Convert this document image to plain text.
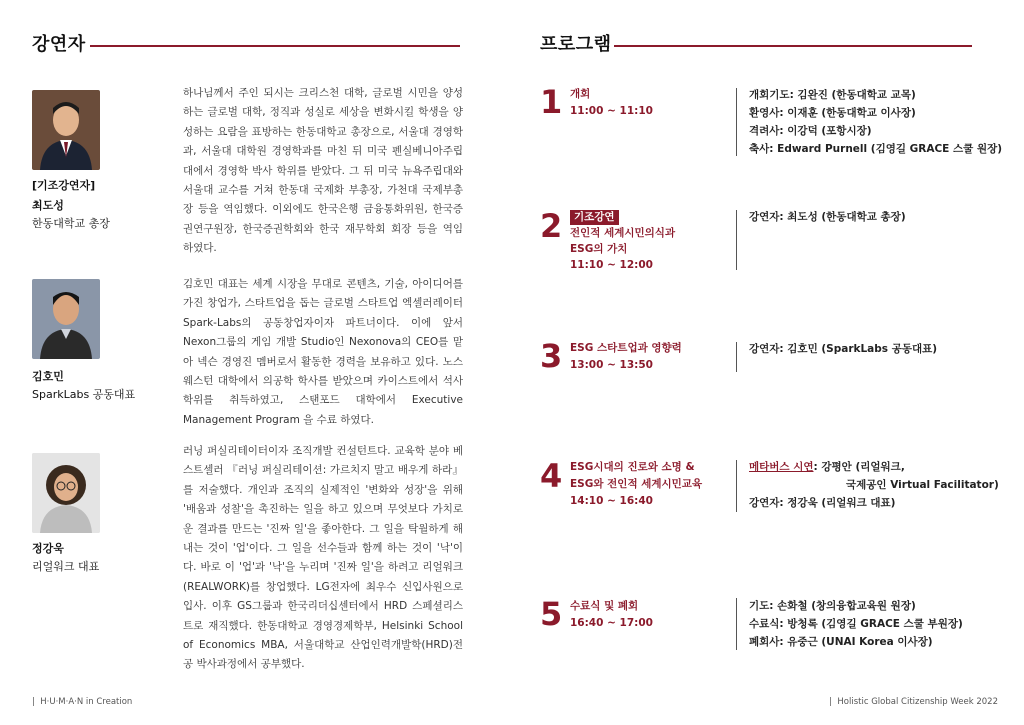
강연자
[기조강연자]
최도성
한동대학교 총장

하나님께서 주인 되시는 크리스천 대학, 글로벌 시민을 양성하는 글로벌 대학, 정직과 성실로 세상을 변화시킬 학생을 양성하는 요람을 표방하는 한동대학교 총장으로, 서울대 경영학과, 서울대 대학원 경영학과를 마친 뒤 미국 펜실베니아주립대에서 경영학 박사 학위를 받았다. 그 뒤 미국 뉴욕주립대와 서울대 교수를 거쳐 한동대 국제화 부총장, 가천대 국제부총장 등을 역임했다. 이외에도 한국은행 금융통화위원, 한국증권연구원장, 한국증권학회와 한국 재무학회 회장 등을 역임 하였다.

김호민
SparkLabs 공동대표

김호민 대표는 세계 시장을 무대로 콘텐츠, 기술, 아이디어를 가진 창업가, 스타트업을 돕는 글로벌 스타트업 엑셀러레이터 Spark-Labs의 공동창업자이자 파트너이다. 이에 앞서 Nexon그룹의 게임 개발 Studio인 Nexonova의 CEO를 맡아 넥슨 경영진 멤버로서 활동한 경력을 보유하고 있다. 노스웨스턴 대학에서 의공학 학사를 받았으며 카이스트에서 석사 학위를 취득하였고, 스탠포드 대학에서 Executive Management Program 을 수료 하였다.

정강욱
리얼워크 대표

러닝 퍼실리테이터이자 조직개발 컨설턴트다. 교육학 분야 베스트셀러 『러닝 퍼실리테이션: 가르치지 말고 배우게 하라』를 저술했다. 개인과 조직의 실제적인 '변화와 성장'을 위해 '배움과 성찰'을 촉진하는 일을 하고 있으며 무엇보다 가치로운 결과를 만드는 '진짜 일'을 좋아한다. 그 일을 탁월하게 해내는 것이 '업'이다. 그 일을 선수들과 함께 하는 것이 '낙'이다. 바로 이 '업'과 '낙'을 누리며 '진짜 일'을 하려고 리얼워크(REALWORK)를 창업했다. LG전자에 최우수 신입사원으로 입사. 이후 GS그룹과 한국리더십센터에서 HRD 스페셜리스트로 재직했다. 한동대학교 경영경제학부, Helsinki School of Economics MBA, 서울대학교 산업인력개발학(HRD)전공 박사과정에서 공부했다.

프로그램
1 개회
11:00 ~ 11:10
개회기도: 김완진 (한동대학교 교목)
환영사: 이재훈 (한동대학교 이사장)
격려사: 이강덕 (포항시장)
축사: Edward Purnell (김영길 GRACE 스쿨 원장)
2	기조강연
전인적 세계시민의식과
ESG의 가치
11:10 ~ 12:00
강연자: 최도성 (한동대학교 총장)
3 ESG 스타트업과 영향력
13:00 ~ 13:50
강연자: 김호민 (SparkLabs 공동대표)
4 ESG시대의 진로와 소명 &
ESG와 전인적 세계시민교육
14:10 ~ 16:40
메타버스 시연: 강평안 (리얼워크,
국제공인 Virtual Facilitator)
강연자: 정강욱 (리얼워크 대표)
5 수료식 및 폐회
16:40 ~ 17:00
기도: 손화철 (창의융합교육원 원장)
수료식: 방청록 (김영길 GRACE 스쿨 부원장)
폐회사: 유중근 (UNAI Korea 이사장)
|  H·U·M·A·N in Creation	|  Holistic Global Citizenship Week 2022
